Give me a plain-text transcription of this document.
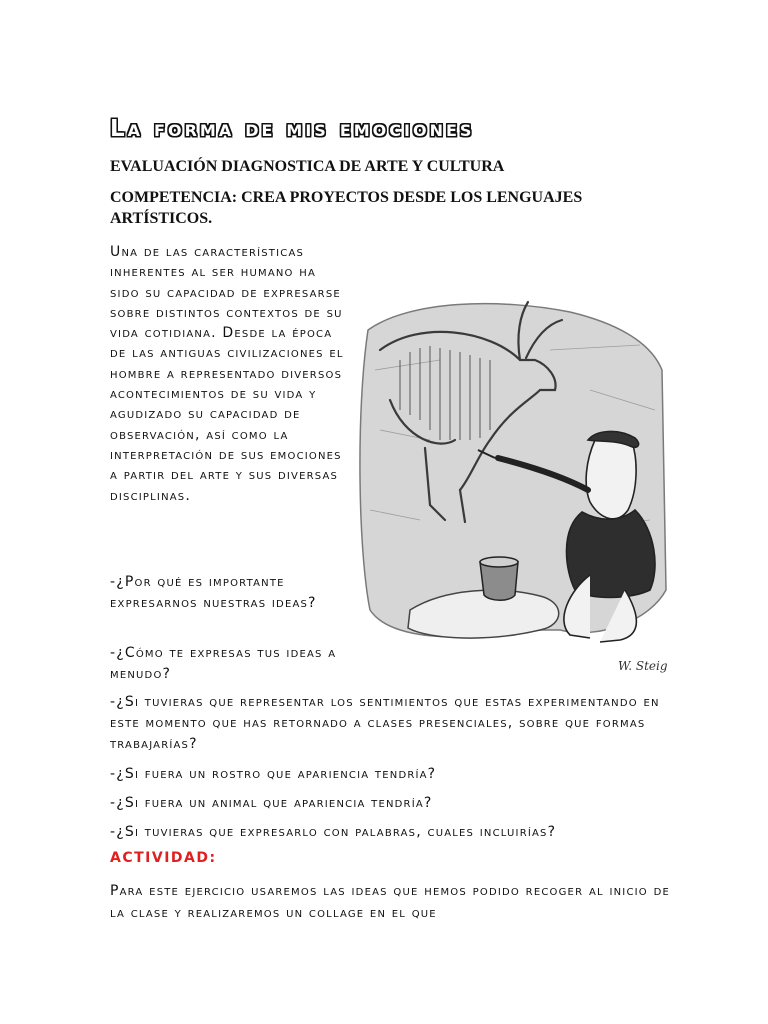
La forma de mis emociones

EVALUACIÓN DIAGNOSTICA DE ARTE Y CULTURA

COMPETENCIA: CREA PROYECTOS DESDE LOS LENGUAJES ARTÍSTICOS.

Una de las características inherentes al ser humano ha sido su capacidad de expresarse sobre distintos contextos de su vida cotidiana. Desde la época de las antiguas civilizaciones el hombre a representado diversos acontecimientos de su vida y agudizado su capacidad de observación, así como la interpretación de sus emociones a partir del arte y sus diversas disciplinas.

-¿Por qué es importante expresarnos nuestras ideas?

-¿Cómo te expresas tus ideas a menudo?

-¿Si tuvieras que representar los sentimientos que estas experimentando en este momento que has retornado a clases presenciales, sobre que formas trabajarías?

-¿Si fuera un rostro que apariencia tendría?

-¿Si fuera un animal que apariencia tendría?

-¿Si tuvieras que expresarlo con palabras, cuales incluirías?

ACTIVIDAD:

Para este ejercicio usaremos las ideas que hemos podido recoger al inicio de la clase y realizaremos un collage en el que

W. Steig
